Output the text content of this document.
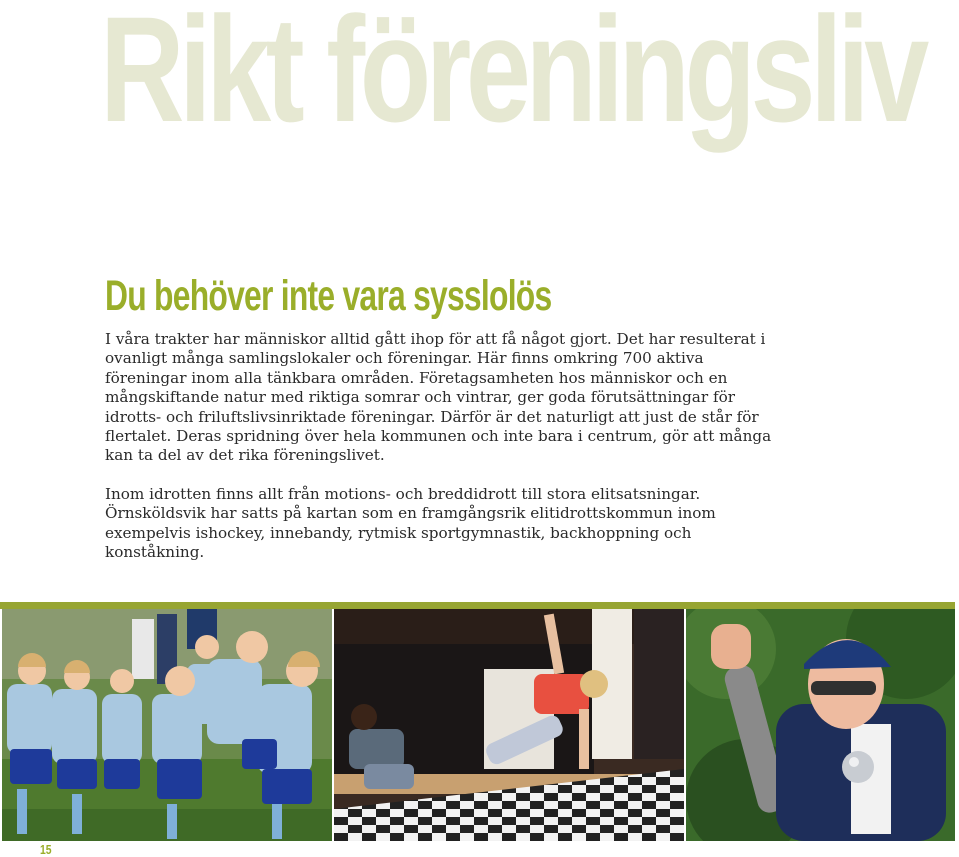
Rikt föreningsliv
Du behöver inte vara sysslolös

I våra trakter har människor alltid gått ihop för att få något gjort. Det har resulterat i ovanligt många samlingslokaler och föreningar. Här finns omkring 700 aktiva föreningar inom alla tänkbara områden. Företagsamheten hos människor och en mångskiftande natur med riktiga somrar och vintrar, ger goda förutsättningar för idrotts- och friluftslivsinriktade föreningar. Därför är det naturligt att just de står för flertalet. Deras spridning över hela kommunen och inte bara i centrum, gör att många kan ta del av det rika föreningslivet.

Inom idrotten finns allt från motions- och breddidrott till stora elitsatsningar. Örnsköldsvik har satts på kartan som en framgångsrik elitidrottskommun inom exempelvis ishockey, innebandy, rytmisk sportgymnastik, backhoppning och konståkning.

15
